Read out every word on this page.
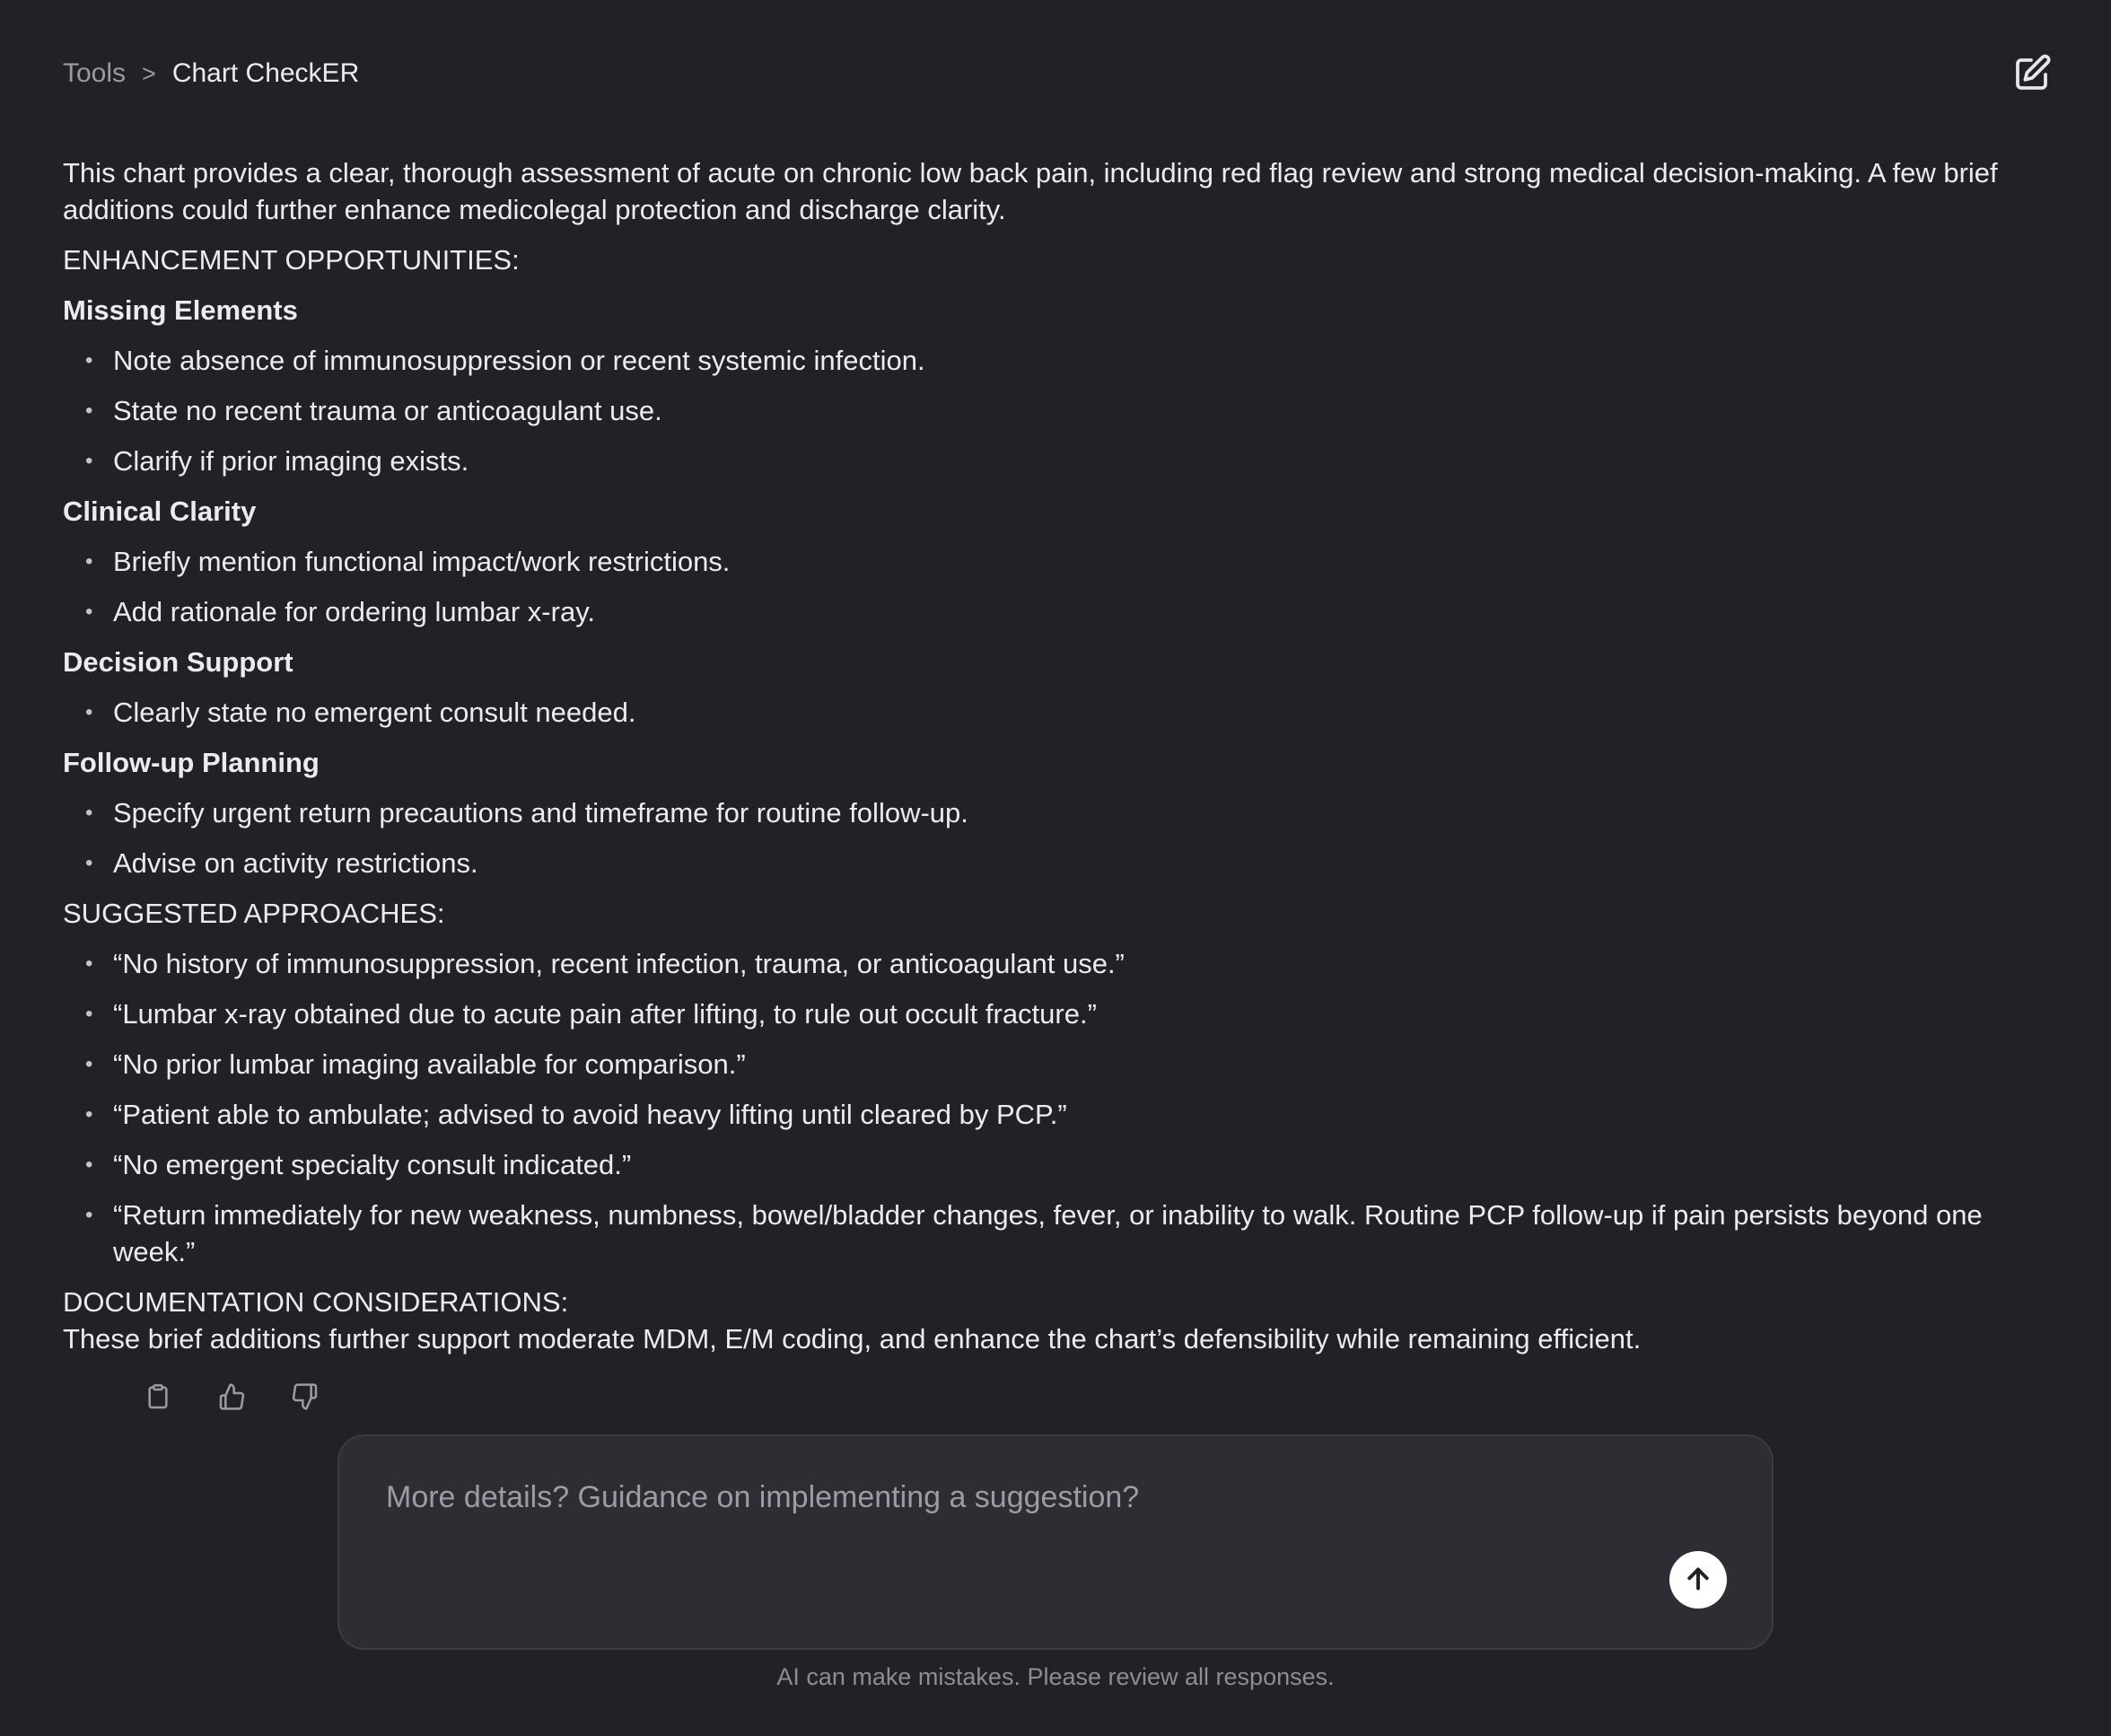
Tools > Chart CheckER

This chart provides a clear, thorough assessment of acute on chronic low back pain, including red flag review and strong medical decision-making. A few brief additions could further enhance medicolegal protection and discharge clarity.

ENHANCEMENT OPPORTUNITIES:

Missing Elements

• Note absence of immunosuppression or recent systemic infection.
• State no recent trauma or anticoagulant use.
• Clarify if prior imaging exists.

Clinical Clarity

• Briefly mention functional impact/work restrictions.
• Add rationale for ordering lumbar x-ray.

Decision Support

• Clearly state no emergent consult needed.

Follow-up Planning

• Specify urgent return precautions and timeframe for routine follow-up.
• Advise on activity restrictions.

SUGGESTED APPROACHES:

• “No history of immunosuppression, recent infection, trauma, or anticoagulant use.”
• “Lumbar x-ray obtained due to acute pain after lifting, to rule out occult fracture.”
• “No prior lumbar imaging available for comparison.”
• “Patient able to ambulate; advised to avoid heavy lifting until cleared by PCP.”
• “No emergent specialty consult indicated.”
• “Return immediately for new weakness, numbness, bowel/bladder changes, fever, or inability to walk. Routine PCP follow-up if pain persists beyond one week.”

DOCUMENTATION CONSIDERATIONS:

These brief additions further support moderate MDM, E/M coding, and enhance the chart’s defensibility while remaining efficient.

More details? Guidance on implementing a suggestion?
AI can make mistakes. Please review all responses.
